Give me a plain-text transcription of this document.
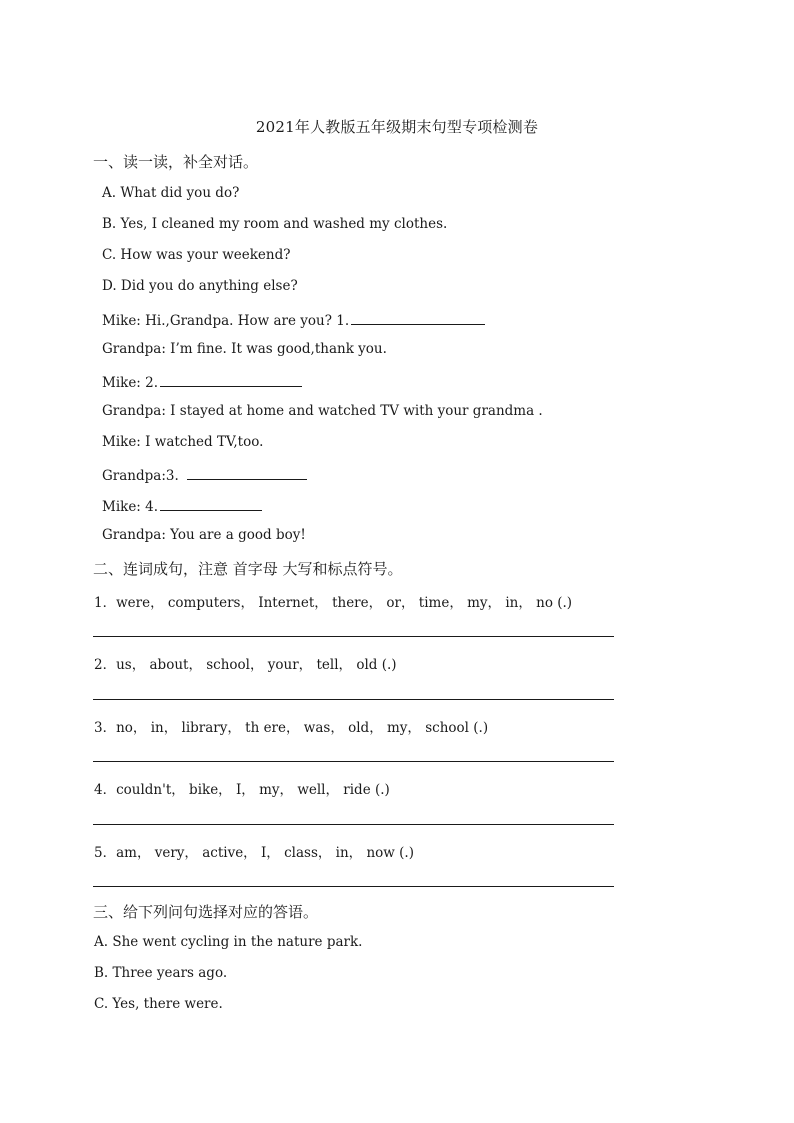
2021年人教版五年级期末句型专项检测卷
一、读一读，补全对话。
A. What did you do?
B. Yes, I cleaned my room and washed my clothes.
C. How was your weekend?
D. Did you do anything else?
Mike: Hi.,Grandpa. How are you? 1.
Grandpa: I’m fine. It was good,thank you.
Mike: 2.
Grandpa: I stayed at home and watched TV with your grandma .
Mike: I watched TV,too.
Grandpa:3.
Mike: 4.
Grandpa: You are a good boy!
二、连词成句，注意 首字母 大写和标点符号。
1．were， computers， Internet， there， or， time， my， in， no (.)
2．us， about， school， your， tell， old (.)
3．no， in， library， th ere， was， old， my， school (.)
4．couldn't， bike， I， my， well， ride (.)
5．am， very， active， I， class， in， now (.)
三、给下列问句选择对应的答语。
A. She went cycling in the nature park.
B. Three years ago.
C. Yes, there were.
